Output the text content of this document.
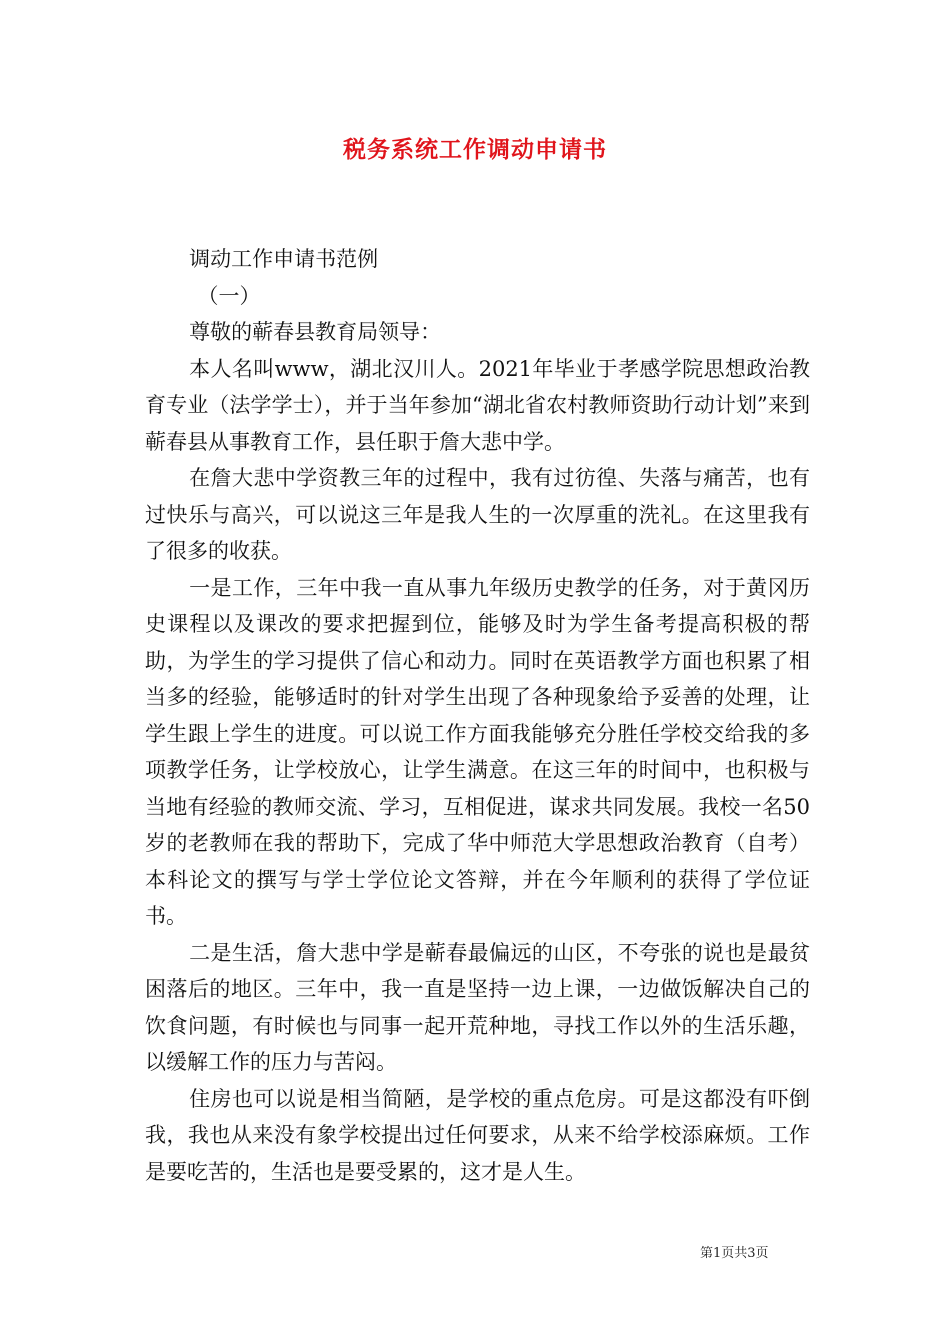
税务系统工作调动申请书

调动工作申请书范例

（一）

尊敬的蕲春县教育局领导：

本人名叫www，湖北汉川人。2021年毕业于孝感学院思想政治教育专业（法学学士），并于当年参加“湖北省农村教师资助行动计划”来到蕲春县从事教育工作，县任职于詹大悲中学。

在詹大悲中学资教三年的过程中，我有过彷徨、失落与痛苦，也有过快乐与高兴，可以说这三年是我人生的一次厚重的洗礼。在这里我有了很多的收获。

一是工作，三年中我一直从事九年级历史教学的任务，对于黄冈历史课程以及课改的要求把握到位，能够及时为学生备考提高积极的帮助，为学生的学习提供了信心和动力。同时在英语教学方面也积累了相当多的经验，能够适时的针对学生出现了各种现象给予妥善的处理，让学生跟上学生的进度。可以说工作方面我能够充分胜任学校交给我的多项教学任务，让学校放心，让学生满意。在这三年的时间中，也积极与当地有经验的教师交流、学习，互相促进，谋求共同发展。我校一名50岁的老教师在我的帮助下，完成了华中师范大学思想政治教育（自考）本科论文的撰写与学士学位论文答辩，并在今年顺利的获得了学位证书。

二是生活，詹大悲中学是蕲春最偏远的山区，不夸张的说也是最贫困落后的地区。三年中，我一直是坚持一边上课，一边做饭解决自己的饮食问题，有时候也与同事一起开荒种地，寻找工作以外的生活乐趣，以缓解工作的压力与苦闷。

住房也可以说是相当简陋，是学校的重点危房。可是这都没有吓倒我，我也从来没有象学校提出过任何要求，从来不给学校添麻烦。工作是要吃苦的，生活也是要受累的，这才是人生。

第1页共3页
